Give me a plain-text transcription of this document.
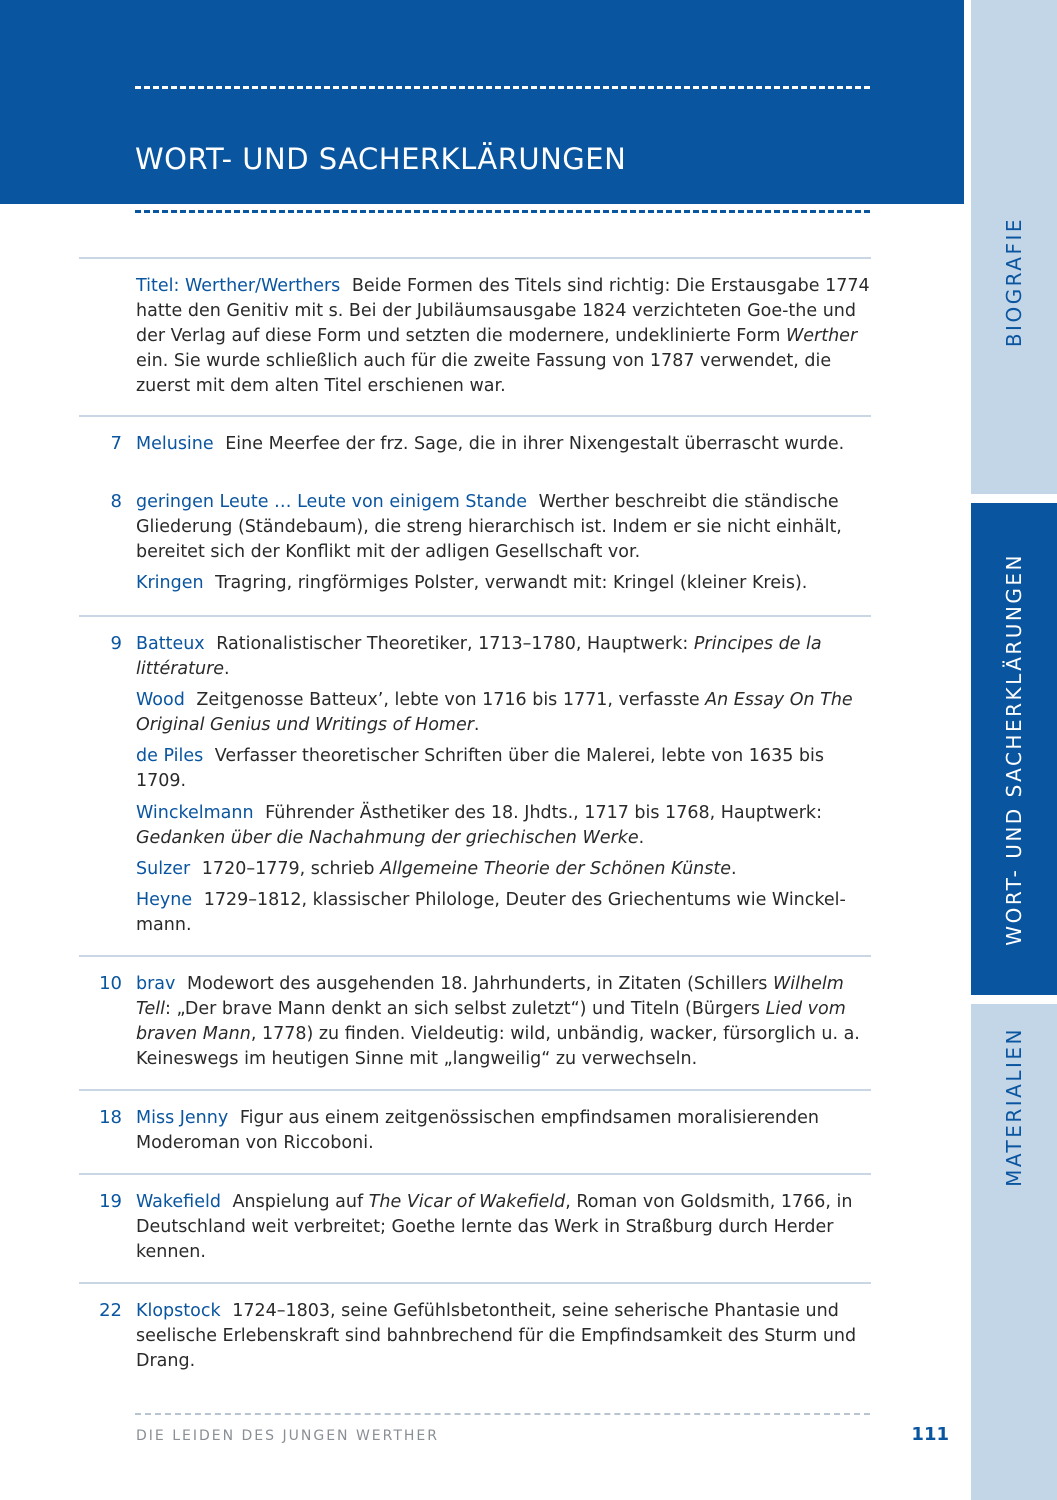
WORT- UND SACHERKLÄRUNGEN
BIOGRAFIE
WORT- UND SACHERKLÄRUNGEN
MATERIALIEN
Titel: Werther/Werthers Beide Formen des Titels sind richtig: Die Erstausgabe 1774 hatte den Genitiv mit s. Bei der Jubiläumsausgabe 1824 verzichteten Goe-the und der Verlag auf diese Form und setzten die modernere, undeklinierte Form Werther ein. Sie wurde schließlich auch für die zweite Fassung von 1787 verwendet, die zuerst mit dem alten Titel erschienen war.
7 Melusine Eine Meerfee der frz. Sage, die in ihrer Nixengestalt überrascht wurde.
8 geringen Leute … Leute von einigem Stande Werther beschreibt die ständische Gliederung (Ständebaum), die streng hierarchisch ist. Indem er sie nicht einhält, bereitet sich der Konflikt mit der adligen Gesellschaft vor.
Kringen Tragring, ringförmiges Polster, verwandt mit: Kringel (kleiner Kreis).
9 Batteux Rationalistischer Theoretiker, 1713–1780, Hauptwerk: Principes de la littérature.
Wood Zeitgenosse Batteux’, lebte von 1716 bis 1771, verfasste An Essay On The Original Genius und Writings of Homer.
de Piles Verfasser theoretischer Schriften über die Malerei, lebte von 1635 bis 1709.
Winckelmann Führender Ästhetiker des 18. Jhdts., 1717 bis 1768, Hauptwerk: Gedanken über die Nachahmung der griechischen Werke.
Sulzer 1720–1779, schrieb Allgemeine Theorie der Schönen Künste.
Heyne 1729–1812, klassischer Philologe, Deuter des Griechentums wie Winckel-mann.
10 brav Modewort des ausgehenden 18. Jahrhunderts, in Zitaten (Schillers Wilhelm Tell: „Der brave Mann denkt an sich selbst zuletzt“) und Titeln (Bürgers Lied vom braven Mann, 1778) zu finden. Vieldeutig: wild, unbändig, wacker, fürsorglich u. a. Keineswegs im heutigen Sinne mit „langweilig“ zu verwechseln.
18 Miss Jenny Figur aus einem zeitgenössischen empfindsamen moralisierenden Moderoman von Riccoboni.
19 Wakefield Anspielung auf The Vicar of Wakefield, Roman von Goldsmith, 1766, in Deutschland weit verbreitet; Goethe lernte das Werk in Straßburg durch Herder kennen.
22 Klopstock 1724–1803, seine Gefühlsbetontheit, seine seherische Phantasie und seelische Erlebenskraft sind bahnbrechend für die Empfindsamkeit des Sturm und Drang.
DIE LEIDEN DES JUNGEN WERTHER	111
